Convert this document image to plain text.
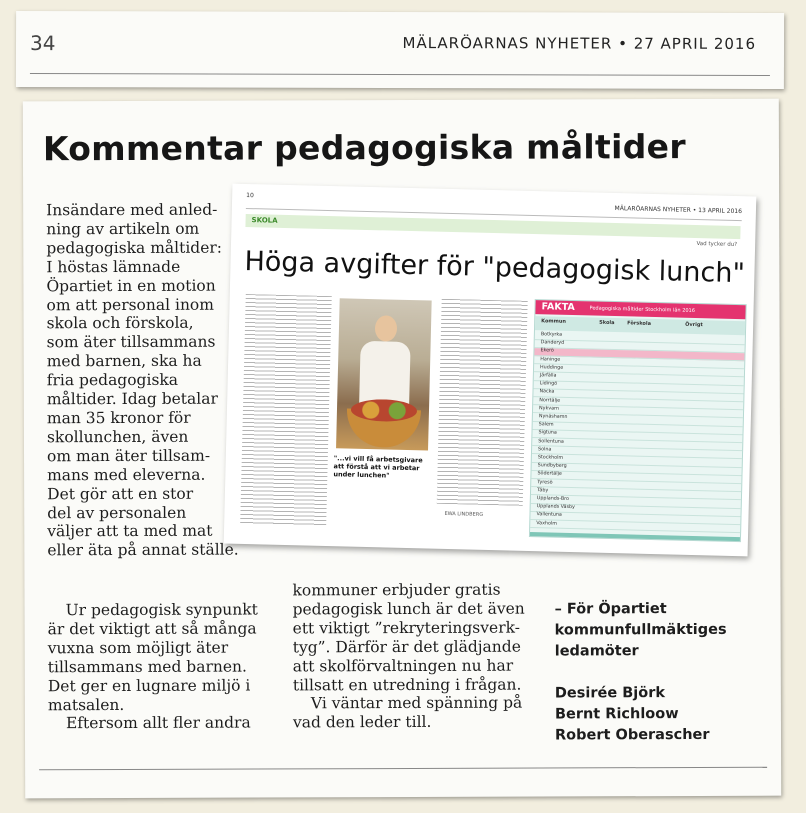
34	MÄLARÖARNAS NYHETER • 27 APRIL 2016
Kommentar pedagogiska måltider

Insändare med anled-

ning av artikeln om

pedagogiska måltider:

I höstas lämnade

Öpartiet in en motion

om att personal inom

skola och förskola,

som äter tillsammans

med barnen, ska ha

fria pedagogiska

måltider. Idag betalar

man 35 kronor för

skollunchen, även

om man äter tillsam-

mans med eleverna.

Det gör att en stor

del av personalen

väljer att ta med mat

eller äta på annat ställe.

Ur pedagogisk synpunkt

är det viktigt att så många

vuxna som möjligt äter

tillsammans med barnen.

Det ger en lugnare miljö i

matsalen.

Eftersom allt fler andra

kommuner erbjuder gratis

pedagogisk lunch är det även

ett viktigt ”rekryteringsverk-

tyg”. Därför är det glädjande

att skolförvaltningen nu har

tillsatt en utredning i frågan.

Vi väntar med spänning på

vad den leder till.

– För Öpartiet

kommunfullmäktiges

ledamöter

Desirée Björk

Bernt Richloow

Robert Oberascher

10
MÄLARÖARNAS NYHETER • 13 APRIL 2016
SKOLA
Vad tycker du?
Höga avgifter för "pedagogisk lunch"
"...vi vill få arbetsgivare att förstå att vi arbetar under lunchen"
EWA LINDBERG
FAKTA	Pedagogiska måltider Stockholm län 2016
Kommun	Skola	Förskola	Övrigt
Botkyrka
Danderyd
Ekerö
Haninge
Huddinge
Järfälla
Lidingö
Nacka
Norrtälje
Nykvarn
Nynäshamn
Salem
Sigtuna
Sollentuna
Solna
Stockholm
Sundbyberg
Södertälje
Tyresö
Täby
Upplands-Bro
Upplands Väsby
Vallentuna
Vaxholm
